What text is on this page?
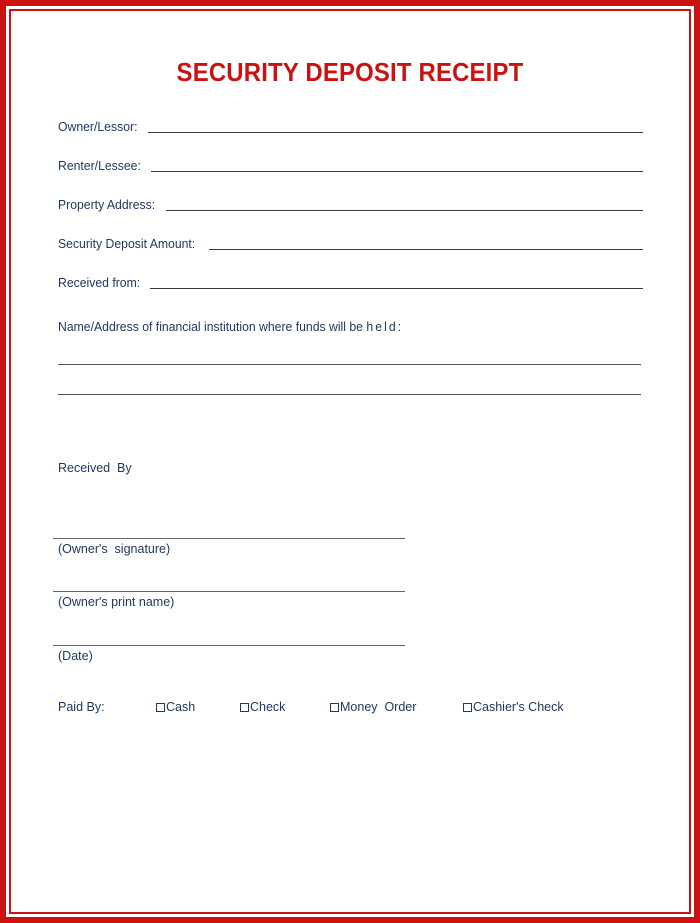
SECURITY DEPOSIT RECEIPT
Owner/Lessor:
Renter/Lessee:
Property Address:
Security Deposit Amount:
Received from:
Name/Address of financial institution where funds will be held:
Received  By
(Owner's  signature)
(Owner's print name)
(Date)
Paid By:	Cash	Check	Money  Order	Cashier's Check
